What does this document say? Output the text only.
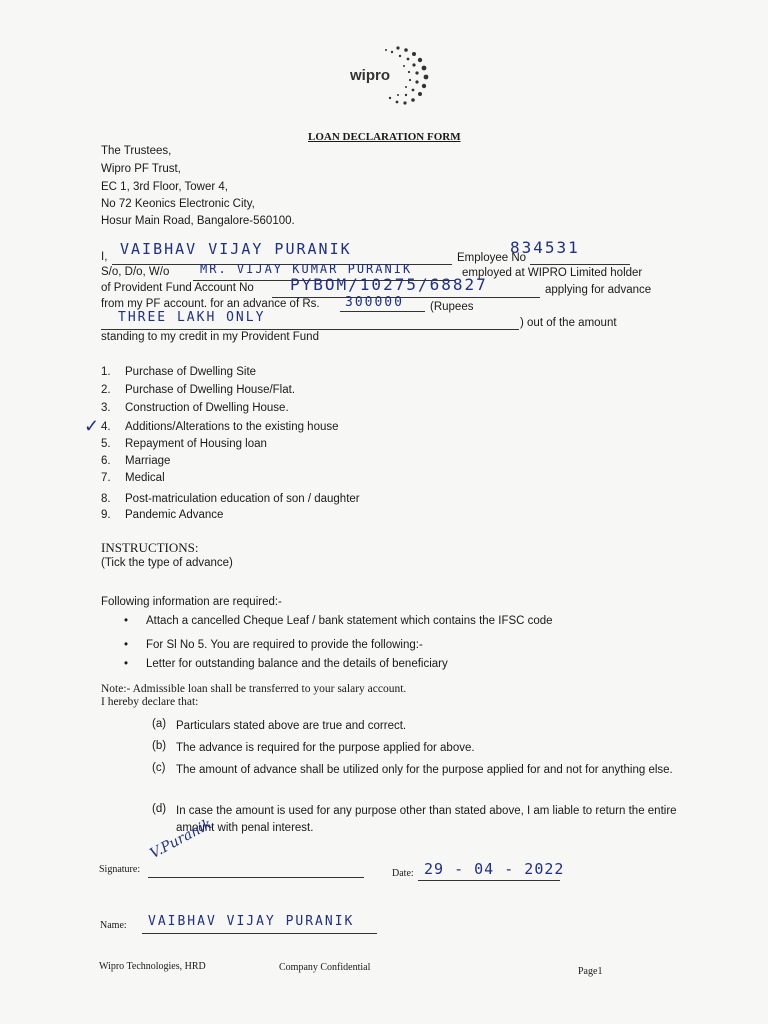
wipro
LOAN DECLARATION FORM
The Trustees,
Wipro PF Trust,
EC 1, 3rd Floor, Tower 4,
No 72 Keonics Electronic City,
Hosur Main Road, Bangalore-560100.
I, VAIBHAV VIJAY PURANIK	Employee No
834531
S/o, D/o, W/o	MR. VIJAY KUMAR PURANIK	employed at WIPRO Limited holder
of Provident Fund Account No PYBOM/10275/68827	applying for advance
from my PF account. for an advance of Rs. 300000 (Rupees
THREE LAKH ONLY	) out of the amount
standing to my credit in my Provident Fund
1. Purchase of Dwelling Site
2. Purchase of Dwelling House/Flat.
3. Construction of Dwelling House.
4. Additions/Alterations to the existing house
5. Repayment of Housing loan
6. Marriage
7. Medical
8. Post-matriculation education of son / daughter
9. Pandemic Advance
✓
INSTRUCTIONS:
(Tick the type of advance)
Following information are required:-
• Attach a cancelled Cheque Leaf / bank statement which contains the IFSC code
• For Sl No 5. You are required to provide the following:-
• Letter for outstanding balance and the details of beneficiary
Note:- Admissible loan shall be transferred to your salary account.
I hereby declare that:
(a) Particulars stated above are true and correct.
(b) The advance is required for the purpose applied for above.
(c) The amount of advance shall be utilized only for the purpose applied for and not for anything else.
(d) In case the amount is used for any purpose other than stated above, I am liable to return the entire amount with penal interest.
Signature:
V.Puranik
Date: 29 - 04 - 2022
Name: VAIBHAV VIJAY PURANIK
Wipro Technologies, HRD	Company Confidential	Page1
